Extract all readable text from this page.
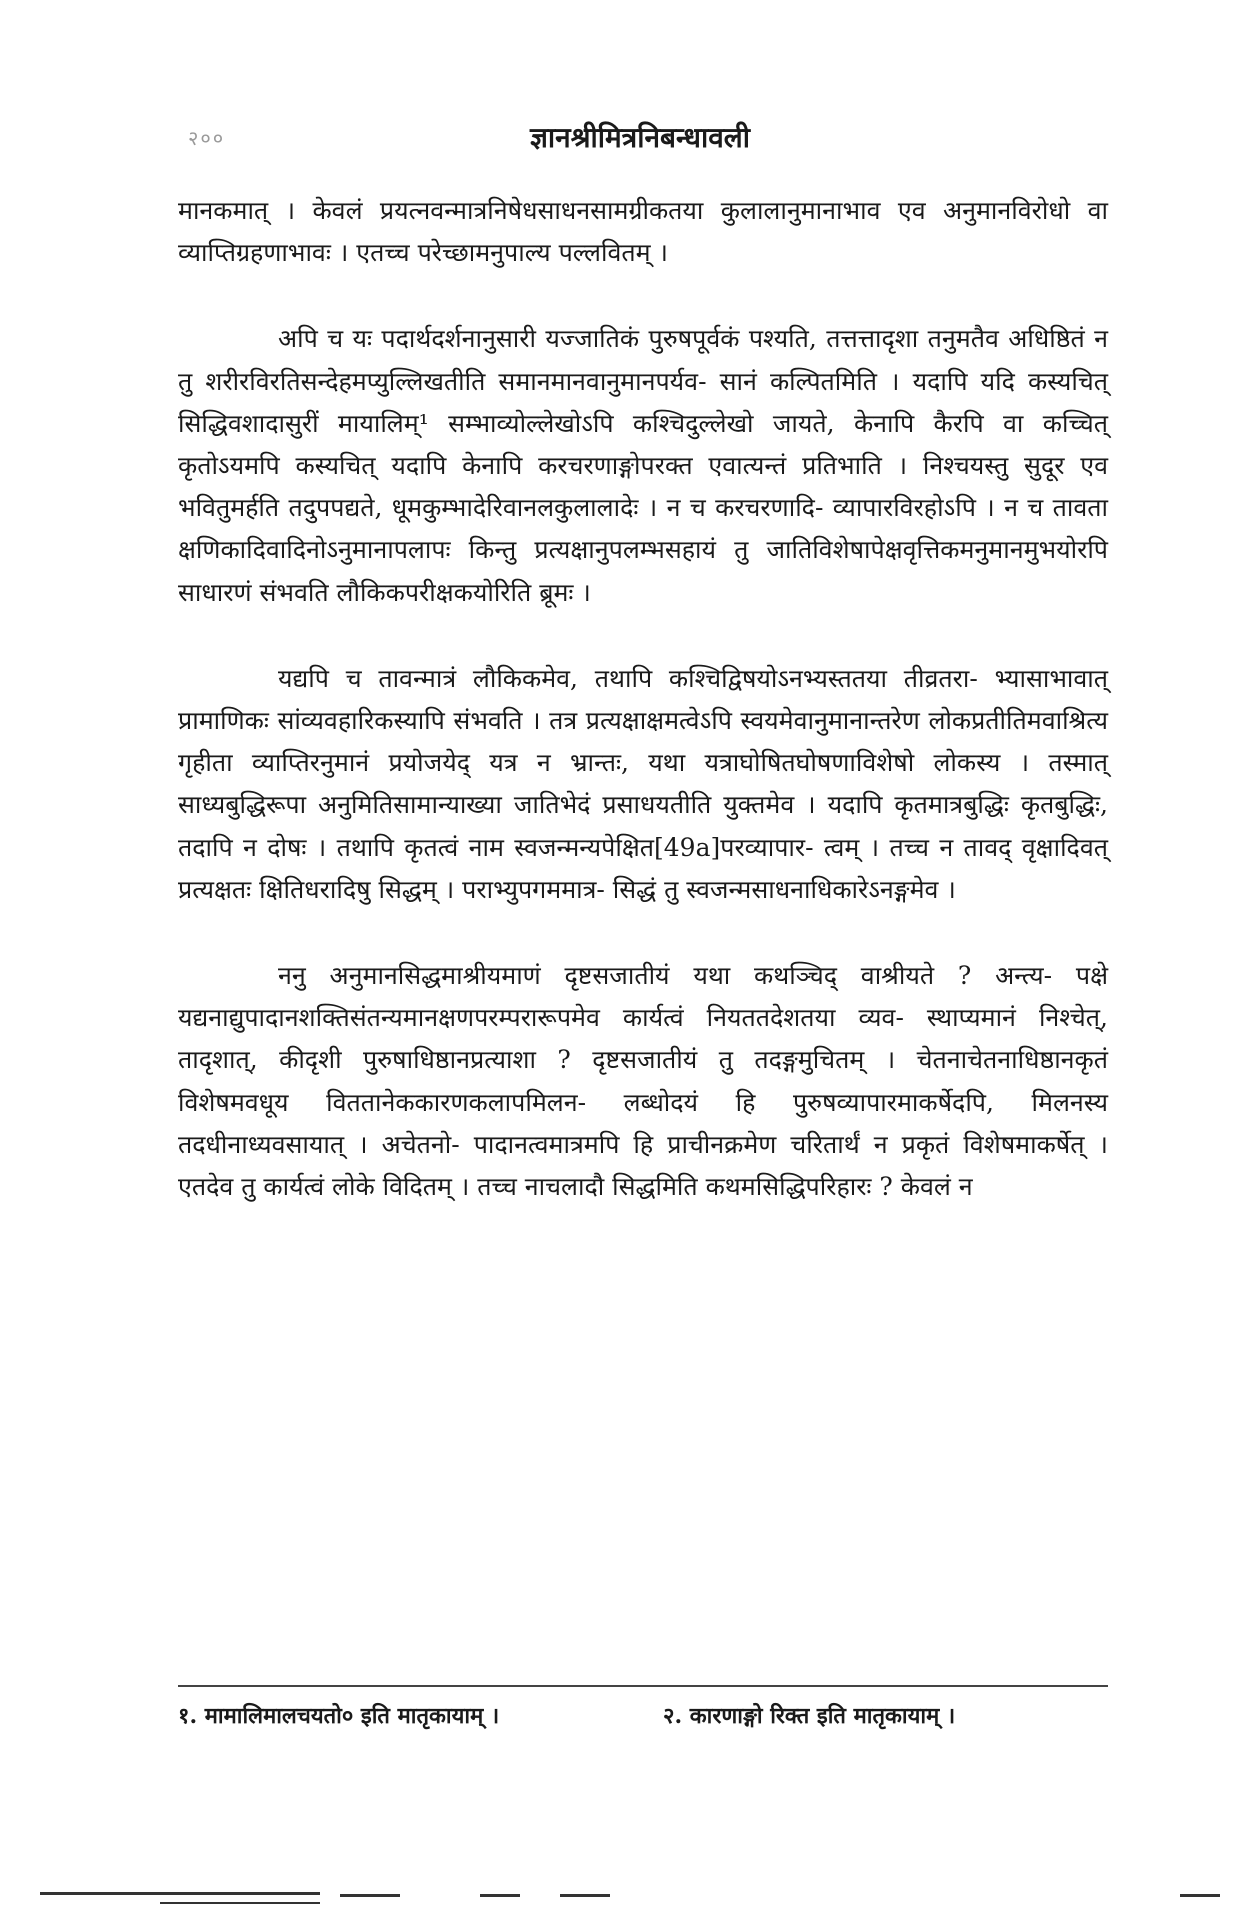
२००	ज्ञानश्रीमित्रनिबन्धावली

मानकमात् । केवलं प्रयत्नवन्मात्रनिषेधसाधनसामग्रीकतया कुलालानुमानाभाव एव अनुमानविरोधो वा व्याप्तिग्रहणाभावः । एतच्च परेच्छामनुपाल्य पल्लवितम् ।

अपि च यः पदार्थदर्शनानुसारी यज्जातिकं पुरुषपूर्वकं पश्यति, तत्तत्तादृशा तनुमतैव अधिष्ठितं न तु शरीरविरतिसन्देहमप्युल्लिखतीति समानमानवानुमानपर्यव- सानं कल्पितमिति । यदापि यदि कस्यचित् सिद्धिवशादासुरीं मायालिम्¹ सम्भाव्योल्लेखोऽपि कश्चिदुल्लेखो जायते, केनापि कैरपि वा कच्चित् कृतोऽयमपि कस्यचित् यदापि केनापि करचरणाङ्गोपरक्त एवात्यन्तं प्रतिभाति । निश्चयस्तु सुदूर एव भवितुमर्हति तदुपपद्यते, धूमकुम्भादेरिवानलकुलालादेः । न च करचरणादि- व्यापारविरहोऽपि । न च तावता क्षणिकादिवादिनोऽनुमानापलापः किन्तु प्रत्यक्षानुपलम्भसहायं तु जातिविशेषापेक्षवृत्तिकमनुमानमुभयोरपि साधारणं संभवति लौकिकपरीक्षकयोरिति ब्रूमः ।

यद्यपि च तावन्मात्रं लौकिकमेव, तथापि कश्चिद्विषयोऽनभ्यस्ततया तीव्रतरा- भ्यासाभावात् प्रामाणिकः सांव्यवहारिकस्यापि संभवति । तत्र प्रत्यक्षाक्षमत्वेऽपि स्वयमेवानुमानान्तरेण लोकप्रतीतिमवाश्रित्य गृहीता व्याप्तिरनुमानं प्रयोजयेद् यत्र न भ्रान्तः, यथा यत्राघोषितघोषणाविशेषो लोकस्य । तस्मात् साध्यबुद्धिरूपा अनुमितिसामान्याख्या जातिभेदं प्रसाधयतीति युक्तमेव । यदापि कृतमात्रबुद्धिः कृतबुद्धिः, तदापि न दोषः । तथापि कृतत्वं नाम स्वजन्मन्यपेक्षित[49a]परव्यापार- त्वम् । तच्च न तावद् वृक्षादिवत् प्रत्यक्षतः क्षितिधरादिषु सिद्धम् । पराभ्युपगममात्र- सिद्धं तु स्वजन्मसाधनाधिकारेऽनङ्गमेव ।

ननु अनुमानसिद्धमाश्रीयमाणं दृष्टसजातीयं यथा कथञ्चिद् वाश्रीयते ? अन्त्य- पक्षे यद्यनाद्युपादानशक्तिसंतन्यमानक्षणपरम्परारूपमेव कार्यत्वं नियततदेशतया व्यव- स्थाप्यमानं निश्चेत्, तादृशात्, कीदृशी पुरुषाधिष्ठानप्रत्याशा ? दृष्टसजातीयं तु तदङ्गमुचितम् । चेतनाचेतनाधिष्ठानकृतं विशेषमवधूय विततानेककारणकलापमिलन- लब्धोदयं हि पुरुषव्यापारमाकर्षेदपि, मिलनस्य तदधीनाध्यवसायात् । अचेतनो- पादानत्वमात्रमपि हि प्राचीनक्रमेण चरितार्थं न प्रकृतं विशेषमाकर्षेत् । एतदेव तु कार्यत्वं लोके विदितम् । तच्च नाचलादौ सिद्धमिति कथमसिद्धिपरिहारः ? केवलं न

१. मामालिमालचयतो० इति मातृकायाम् ।	२. कारणाङ्गो रिक्त इति मातृकायाम् ।
